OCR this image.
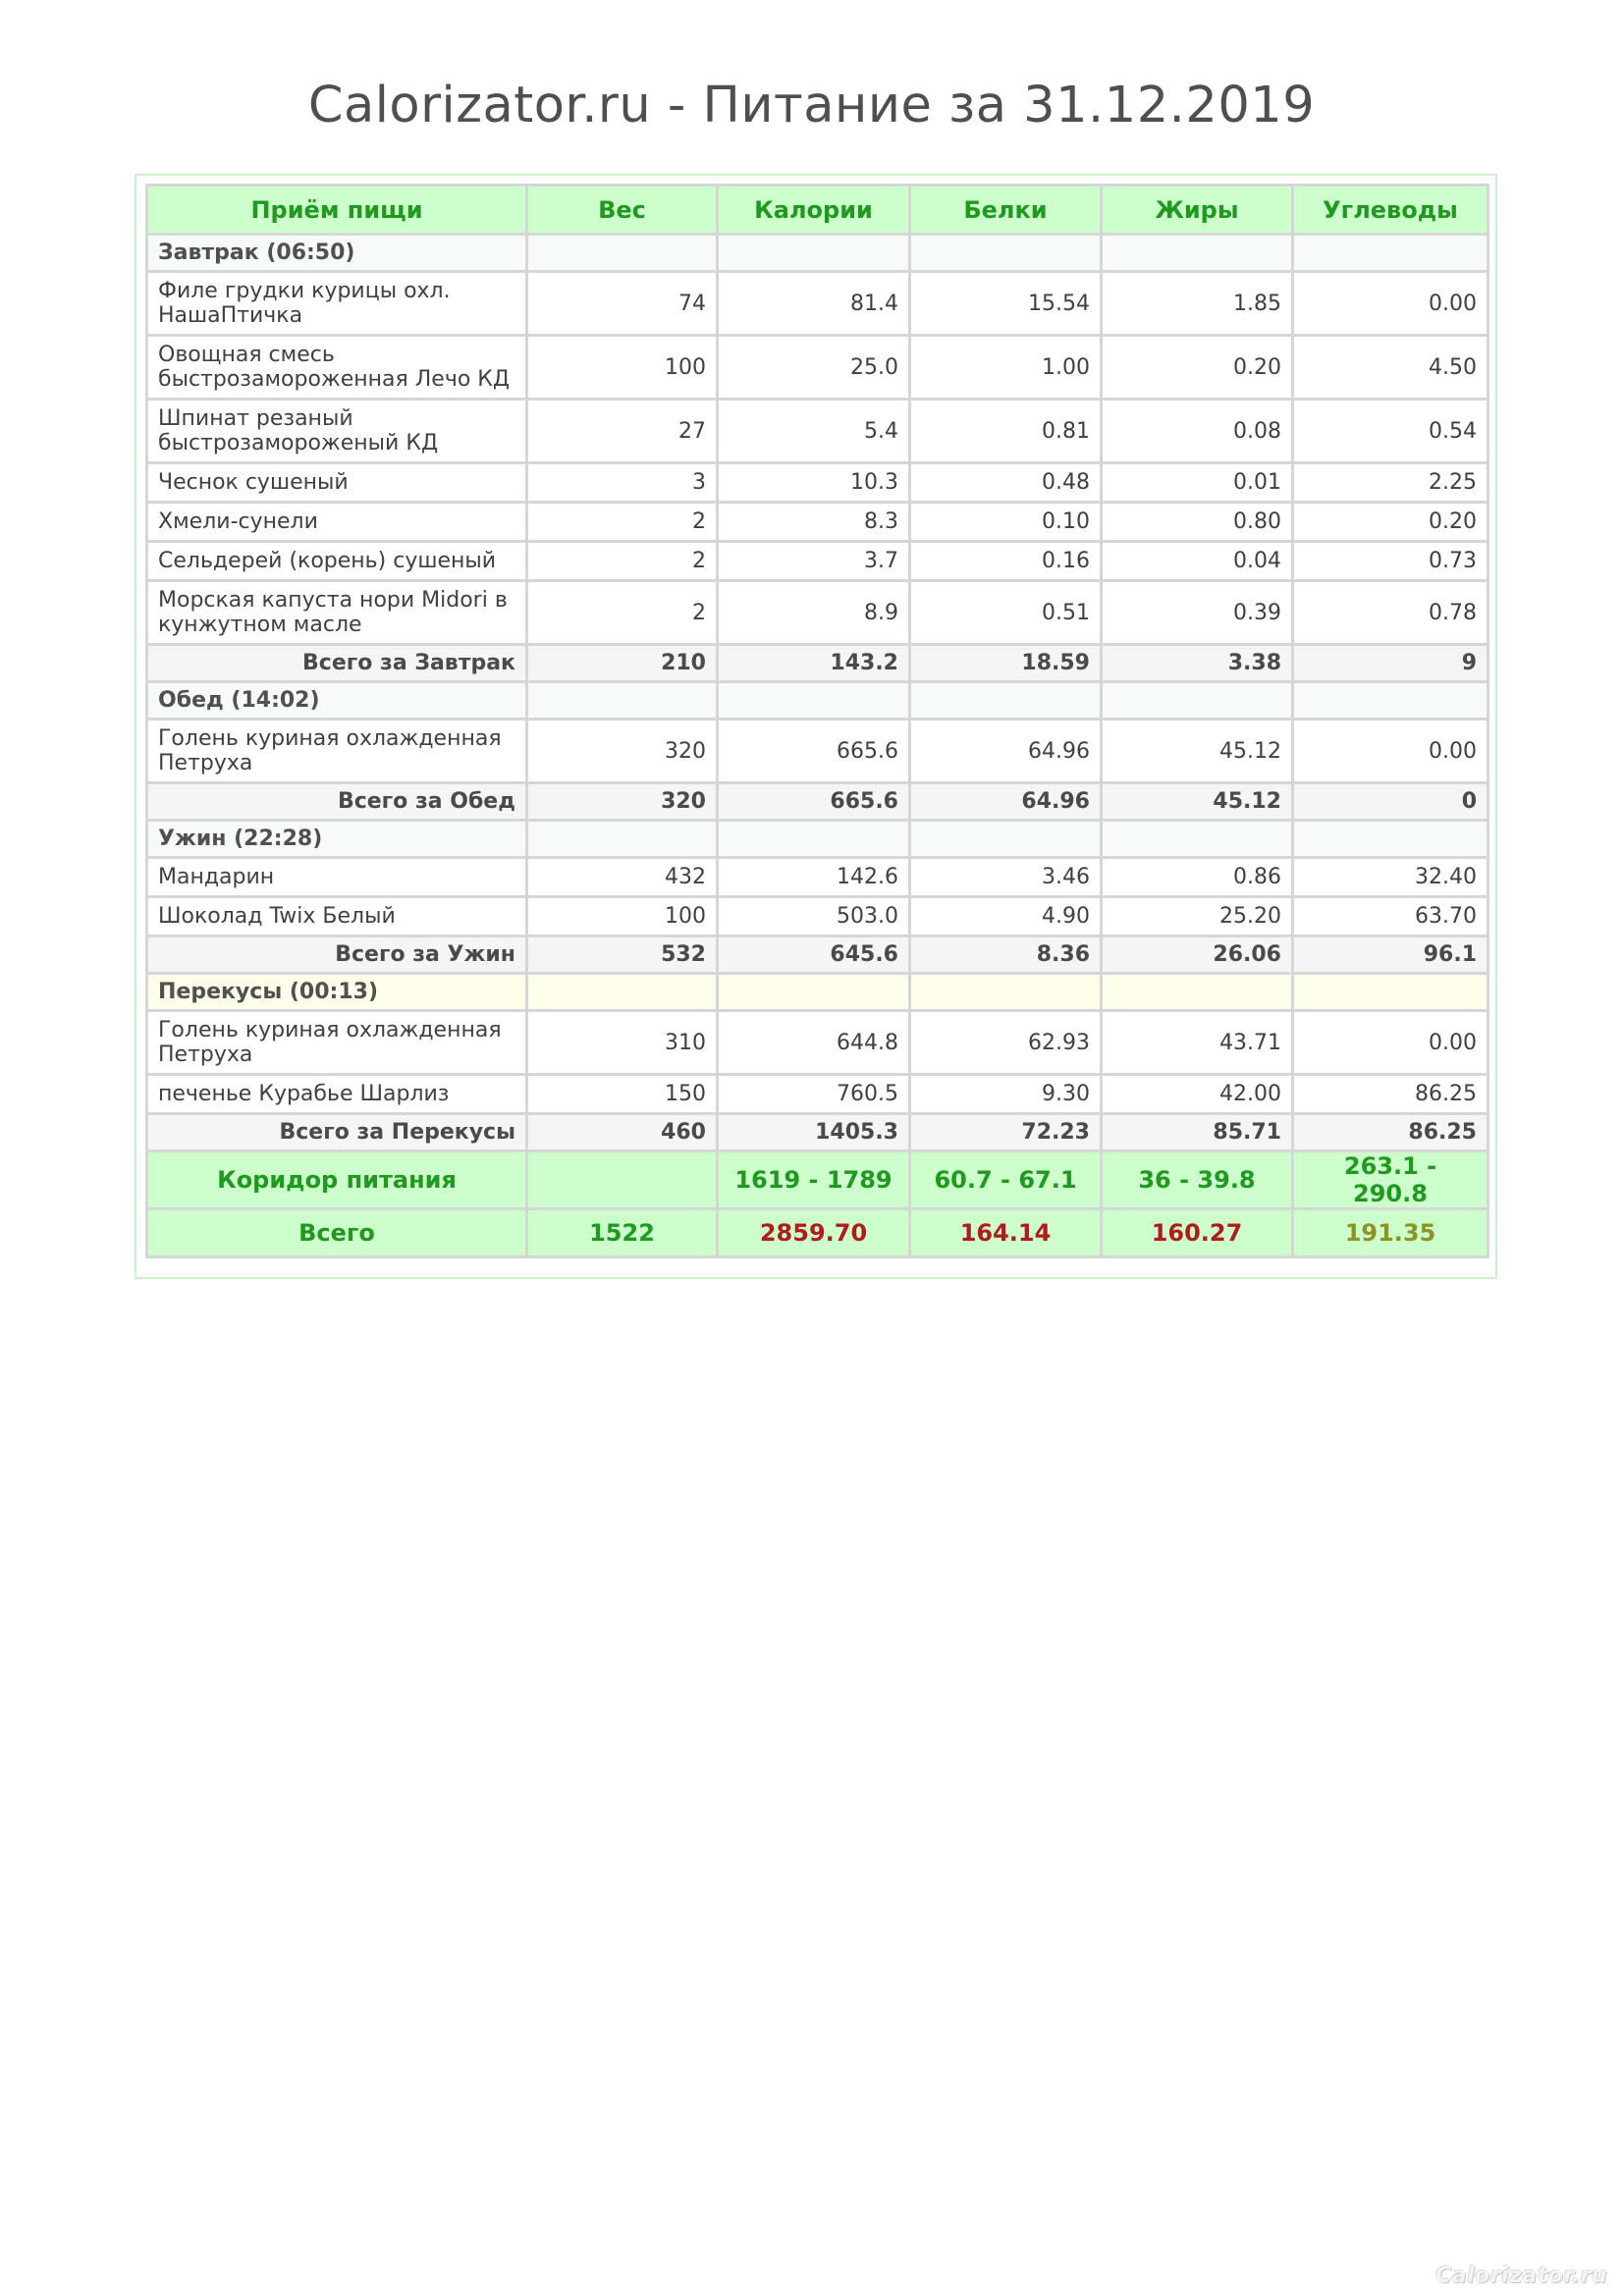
Calorizator.ru - Питание за 31.12.2019
Приём пищи	Вес	Калории	Белки	Жиры	Углеводы
Завтрак (06:50)					
Филе грудки курицы охл. НашаПтичка	74	81.4	15.54	1.85	0.00
Овощная смесь быстрозамороженная Лечо КД	100	25.0	1.00	0.20	4.50
Шпинат резаный быстрозамороженый КД	27	5.4	0.81	0.08	0.54
Чеснок сушеный	3	10.3	0.48	0.01	2.25
Хмели-сунели	2	8.3	0.10	0.80	0.20
Сельдерей (корень) сушеный	2	3.7	0.16	0.04	0.73
Морская капуста нори Midori в кунжутном масле	2	8.9	0.51	0.39	0.78
Всего за Завтрак	210	143.2	18.59	3.38	9
Обед (14:02)					
Голень куриная охлажденная Петруха	320	665.6	64.96	45.12	0.00
Всего за Обед	320	665.6	64.96	45.12	0
Ужин (22:28)					
Мандарин	432	142.6	3.46	0.86	32.40
Шоколад Twix Белый	100	503.0	4.90	25.20	63.70
Всего за Ужин	532	645.6	8.36	26.06	96.1
Перекусы (00:13)					
Голень куриная охлажденная Петруха	310	644.8	62.93	43.71	0.00
печенье Курабье Шарлиз	150	760.5	9.30	42.00	86.25
Всего за Перекусы	460	1405.3	72.23	85.71	86.25
Коридор питания		1619 - 1789	60.7 - 67.1	36 - 39.8	263.1 - 290.8
Всего	1522	2859.70	164.14	160.27	191.35
Calorizator.ru
